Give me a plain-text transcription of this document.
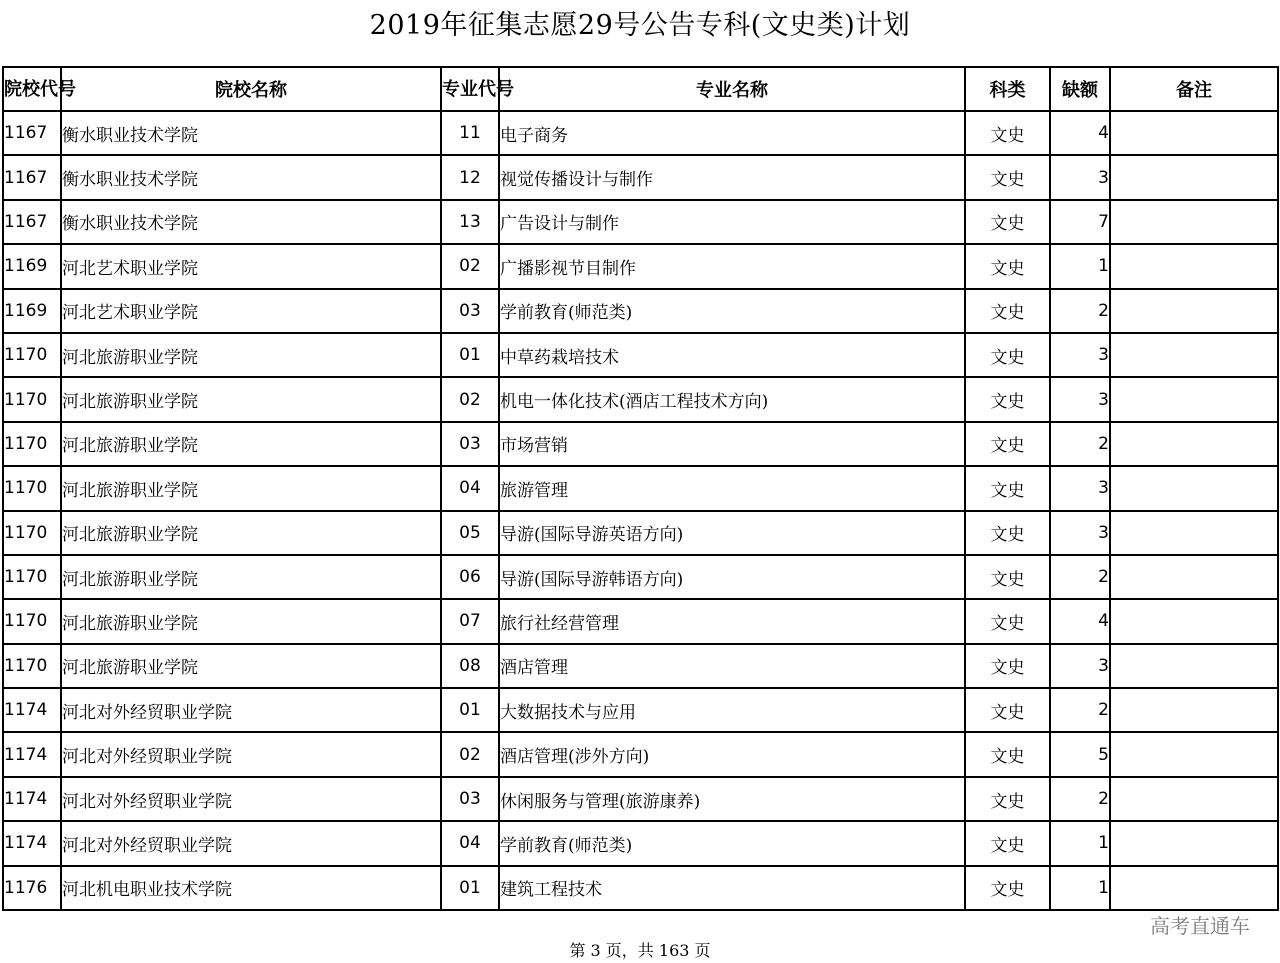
2019年征集志愿29号公告专科(文史类)计划
院校代号	院校名称	专业代号	专业名称	科类	缺额	备注
1167	衡水职业技术学院	11	电子商务	文史	4	
1167	衡水职业技术学院	12	视觉传播设计与制作	文史	3	
1167	衡水职业技术学院	13	广告设计与制作	文史	7	
1169	河北艺术职业学院	02	广播影视节目制作	文史	1	
1169	河北艺术职业学院	03	学前教育(师范类)	文史	2	
1170	河北旅游职业学院	01	中草药栽培技术	文史	3	
1170	河北旅游职业学院	02	机电一体化技术(酒店工程技术方向)	文史	3	
1170	河北旅游职业学院	03	市场营销	文史	2	
1170	河北旅游职业学院	04	旅游管理	文史	3	
1170	河北旅游职业学院	05	导游(国际导游英语方向)	文史	3	
1170	河北旅游职业学院	06	导游(国际导游韩语方向)	文史	2	
1170	河北旅游职业学院	07	旅行社经营管理	文史	4	
1170	河北旅游职业学院	08	酒店管理	文史	3	
1174	河北对外经贸职业学院	01	大数据技术与应用	文史	2	
1174	河北对外经贸职业学院	02	酒店管理(涉外方向)	文史	5	
1174	河北对外经贸职业学院	03	休闲服务与管理(旅游康养)	文史	2	
1174	河北对外经贸职业学院	04	学前教育(师范类)	文史	1	
1176	河北机电职业技术学院	01	建筑工程技术	文史	1	
高考直通车
第 3 页，共 163 页
